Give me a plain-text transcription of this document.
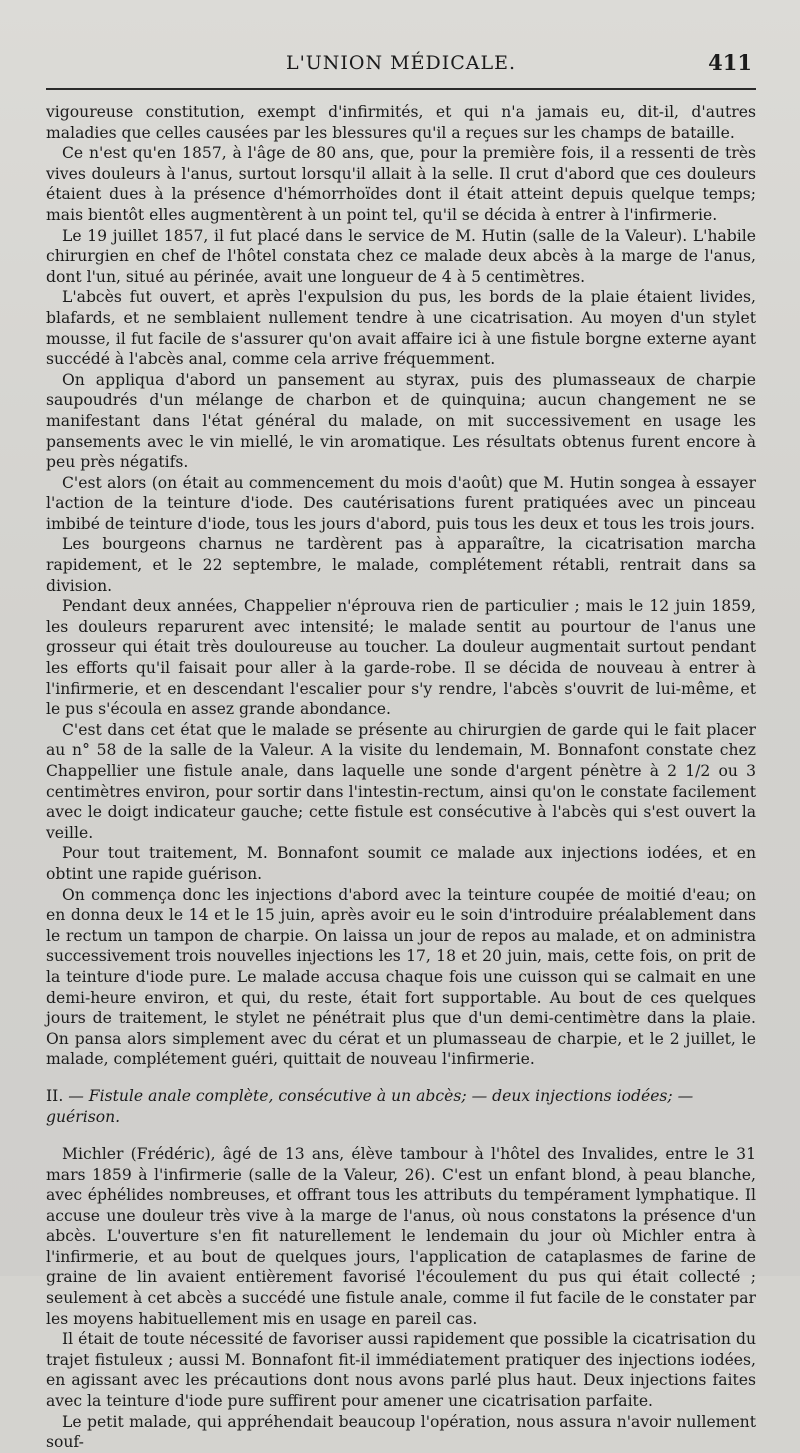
L'UNION MÉDICALE.	411

vigoureuse constitution, exempt d'infirmités, et qui n'a jamais eu, dit-il, d'autres maladies que celles causées par les blessures qu'il a reçues sur les champs de bataille.

Ce n'est qu'en 1857, à l'âge de 80 ans, que, pour la première fois, il a ressenti de très vives douleurs à l'anus, surtout lorsqu'il allait à la selle. Il crut d'abord que ces douleurs étaient dues à la présence d'hémorrhoïdes dont il était atteint depuis quelque temps; mais bientôt elles augmentèrent à un point tel, qu'il se décida à entrer à l'infirmerie.

Le 19 juillet 1857, il fut placé dans le service de M. Hutin (salle de la Valeur). L'habile chirurgien en chef de l'hôtel constata chez ce malade deux abcès à la marge de l'anus, dont l'un, situé au périnée, avait une longueur de 4 à 5 centimètres.

L'abcès fut ouvert, et après l'expulsion du pus, les bords de la plaie étaient livides, blafards, et ne semblaient nullement tendre à une cicatrisation. Au moyen d'un stylet mousse, il fut facile de s'assurer qu'on avait affaire ici à une fistule borgne externe ayant succédé à l'abcès anal, comme cela arrive fréquemment.

On appliqua d'abord un pansement au styrax, puis des plumasseaux de charpie saupoudrés d'un mélange de charbon et de quinquina; aucun changement ne se manifestant dans l'état général du malade, on mit successivement en usage les pansements avec le vin miellé, le vin aromatique. Les résultats obtenus furent encore à peu près négatifs.

C'est alors (on était au commencement du mois d'août) que M. Hutin songea à essayer l'action de la teinture d'iode. Des cautérisations furent pratiquées avec un pinceau imbibé de teinture d'iode, tous les jours d'abord, puis tous les deux et tous les trois jours.

Les bourgeons charnus ne tardèrent pas à apparaître, la cicatrisation marcha rapidement, et le 22 septembre, le malade, complétement rétabli, rentrait dans sa division.

Pendant deux années, Chappelier n'éprouva rien de particulier ; mais le 12 juin 1859, les douleurs reparurent avec intensité; le malade sentit au pourtour de l'anus une grosseur qui était très douloureuse au toucher. La douleur augmentait surtout pendant les efforts qu'il faisait pour aller à la garde-robe. Il se décida de nouveau à entrer à l'infirmerie, et en descendant l'escalier pour s'y rendre, l'abcès s'ouvrit de lui-même, et le pus s'écoula en assez grande abondance.

C'est dans cet état que le malade se présente au chirurgien de garde qui le fait placer au n° 58 de la salle de la Valeur. A la visite du lendemain, M. Bonnafont constate chez Chappellier une fistule anale, dans laquelle une sonde d'argent pénètre à 2 1/2 ou 3 centimètres environ, pour sortir dans l'intestin-rectum, ainsi qu'on le constate facilement avec le doigt indicateur gauche; cette fistule est consécutive à l'abcès qui s'est ouvert la veille.

Pour tout traitement, M. Bonnafont soumit ce malade aux injections iodées, et en obtint une rapide guérison.

On commença donc les injections d'abord avec la teinture coupée de moitié d'eau; on en donna deux le 14 et le 15 juin, après avoir eu le soin d'introduire préalablement dans le rectum un tampon de charpie. On laissa un jour de repos au malade, et on administra successivement trois nouvelles injections les 17, 18 et 20 juin, mais, cette fois, on prit de la teinture d'iode pure. Le malade accusa chaque fois une cuisson qui se calmait en une demi-heure environ, et qui, du reste, était fort supportable. Au bout de ces quelques jours de traitement, le stylet ne pénétrait plus que d'un demi-centimètre dans la plaie. On pansa alors simplement avec du cérat et un plumasseau de charpie, et le 2 juillet, le malade, complétement guéri, quittait de nouveau l'infirmerie.

II. — Fistule anale complète, consécutive à un abcès; — deux injections iodées; — guérison.

Michler (Frédéric), âgé de 13 ans, élève tambour à l'hôtel des Invalides, entre le 31 mars 1859 à l'infirmerie (salle de la Valeur, 26). C'est un enfant blond, à peau blanche, avec éphélides nombreuses, et offrant tous les attributs du tempérament lymphatique. Il accuse une douleur très vive à la marge de l'anus, où nous constatons la présence d'un abcès. L'ouverture s'en fit naturellement le lendemain du jour où Michler entra à l'infirmerie, et au bout de quelques jours, l'application de cataplasmes de farine de graine de lin avaient entièrement favorisé l'écoulement du pus qui était collecté ; seulement à cet abcès a succédé une fistule anale, comme il fut facile de le constater par les moyens habituellement mis en usage en pareil cas.

Il était de toute nécessité de favoriser aussi rapidement que possible la cicatrisation du trajet fistuleux ; aussi M. Bonnafont fit-il immédiatement pratiquer des injections iodées, en agissant avec les précautions dont nous avons parlé plus haut. Deux injections faites avec la teinture d'iode pure suffirent pour amener une cicatrisation parfaite.

Le petit malade, qui appréhendait beaucoup l'opération, nous assura n'avoir nullement souf-
